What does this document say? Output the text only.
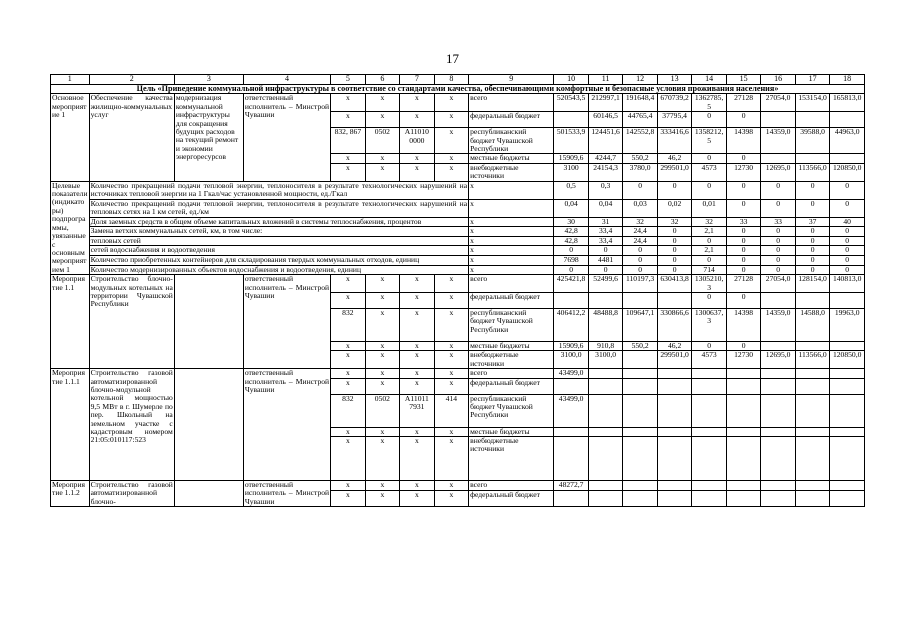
17
1	2	3	4	5	6	7	8	9	10	11	12	13	14	15	16	17	18
Цель «Приведение коммунальной инфраструктуры в соответствие со стандартами качества, обеспечивающими комфортные и безопасные условия проживания населения»																	
Основное мероприятие 1	Обеспечение качества жилищно-коммунальных услуг	модернизация коммунальной инфраструктуры для сокращения будущих расходов на текущий ремонт и экономии энергоресурсов	ответственный исполнитель – Минстрой Чувашии	x	x	x	x	всего	520543,5	212997,1	191648,4	670739,2	1362785,5	27128	27054,0	153154,0	165813,0
				x	x	x	x	федеральный бюджет		60146,5	44765,4	37795,4	0	0			
				832, 867	0502	A11010 0000	x	республиканский бюджет Чувашской Республики	501533,9	124451,6	142552,8	333416,6	1358212,5	14398	14359,0	39588,0	44963,0
				x	x	x	x	местные бюджеты	15909,6	4244,7	550,2	46,2	0	0			
				x	x	x	x	внебюджетные источники	3100	24154,3	3780,0	299501,0	4573	12730	12695,0	113566,0	120850,0
Целевые показатели (индикаторы) подпрограммы, увязанные с основным мероприятием 1	Количество прекращений подачи тепловой энергии, теплоносителя в результате технологических нарушений на источниках тепловой энергии на 1 Гкал/час установленной мощности, ед./Гкал							x	0,5	0,3	0	0	0	0	0	0	0
	Количество прекращений подачи тепловой энергии, теплоносителя в результате технологических нарушений на тепловых сетях на 1 км сетей, ед./км							x	0,04	0,04	0,03	0,02	0,01	0	0	0	0
	Доля заемных средств в общем объеме капитальных вложений в системы теплоснабжения, процентов							x	30	31	32	32	32	33	33	37	40
	Замена ветхих коммунальных сетей, км, в том числе:							x	42,8	33,4	24,4	0	2,1	0	0	0	0
	тепловых сетей							x	42,8	33,4	24,4	0	0	0	0	0	0
	сетей водоснабжения и водоотведения							x	0	0	0	0	2,1	0	0	0	0
	Количество приобретенных контейнеров для складирования твердых коммунальных отходов, единиц							x	7698	4481	0	0	0	0	0	0	0
	Количество модернизированных объектов водоснабжения и водоотведения, единиц							x	0	0	0	0	714	0	0	0	0
Мероприятие 1.1	Строительство блочно-модульных котельных на территории Чувашской Республики		ответственный исполнитель – Минстрой Чувашии	x	x	x	x	всего	425421,8	52499,6	110197,3	630413,8	1305210,3	27128	27054,0	128154,0	140813,0
				x	x	x	x	федеральный бюджет					0	0			
				832	x	x	x	республиканский бюджет Чувашской Республики	406412,2	48488,8	109647,1	330866,6	1300637,3	14398	14359,0	14588,0	19963,0
				x	x	x	x	местные бюджеты	15909,6	910,8	550,2	46,2	0	0			
				x	x	x	x	внебюджетные источники	3100,0	3100,0		299501,0	4573	12730	12695,0	113566,0	120850,0
Мероприятие 1.1.1	Строительство газовой автоматизированной блочно-модульной котельной мощностью 9,5 МВт в г. Шумерле по пер. Школьный на земельном участке с кадастровым номером 21:05:010117:523		ответственный исполнитель – Минстрой Чувашии	x	x	x	x	всего	43499,0								
				x	x	x	x	федеральный бюджет									
				832	0502	A11011 7931	414	республиканский бюджет Чувашской Республики	43499,0								
				x	x	x	x	местные бюджеты									
				x	x	x	x	внебюджетные источники									
Мероприятие 1.1.2	Строительство газовой автоматизированной блочно-		ответственный исполнитель – Минстрой Чувашии	x	x	x	x	всего	48272,7								
				x	x	x	x	федеральный бюджет									
